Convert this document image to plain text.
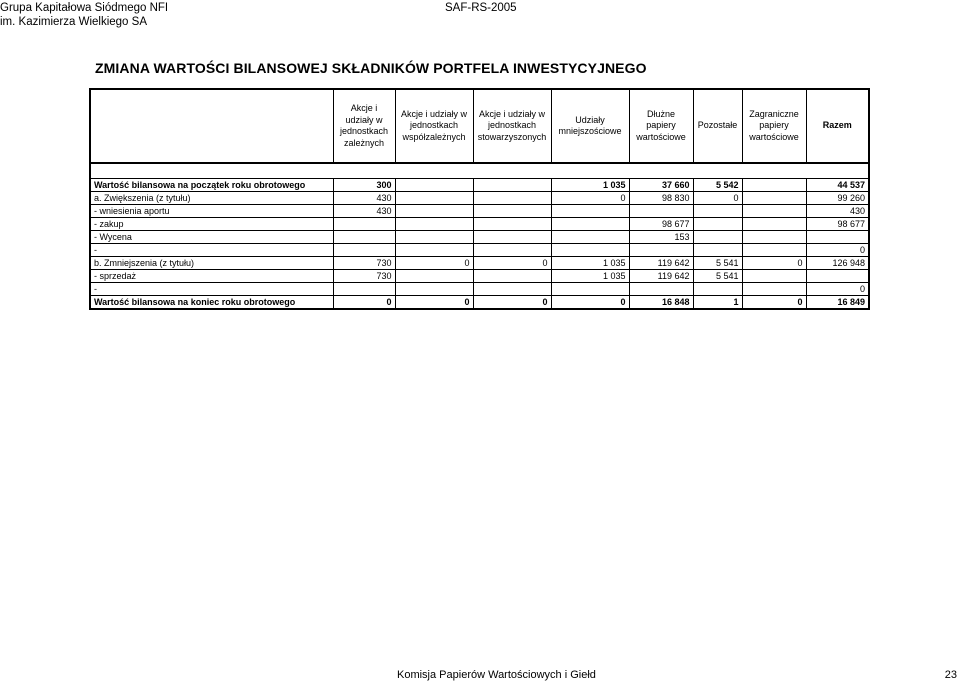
Grupa Kapitałowa Siódmego NFI
im. Kazimierza Wielkiego SA
SAF-RS-2005
ZMIANA WARTOŚCI BILANSOWEJ SKŁADNIKÓW PORTFELA INWESTYCYJNEGO
	Akcje i udziały w jednostkach zależnych	Akcje i udziały w jednostkach współzależnych	Akcje i udziały w jednostkach stowarzyszonych	Udziały mniejszościowe	Dłużne papiery wartościowe	Pozostałe	Zagraniczne papiery wartościowe	Razem

Wartość bilansowa na początek roku obrotowego	300			1 035	37 660	5 542		44 537
a. Zwiększenia (z tytułu)	430			0	98 830	0		99 260
- wniesienia aportu	430							430
- zakup					98 677			98 677
- Wycena					153			
-								0
b. Zmniejszenia (z tytułu)	730	0	0	1 035	119 642	5 541	0	126 948
- sprzedaż	730			1 035	119 642	5 541		
-								0
Wartość bilansowa na koniec roku obrotowego	0	0	0	0	16 848	1	0	16 849
Komisja Papierów Wartościowych i Giełd	23
